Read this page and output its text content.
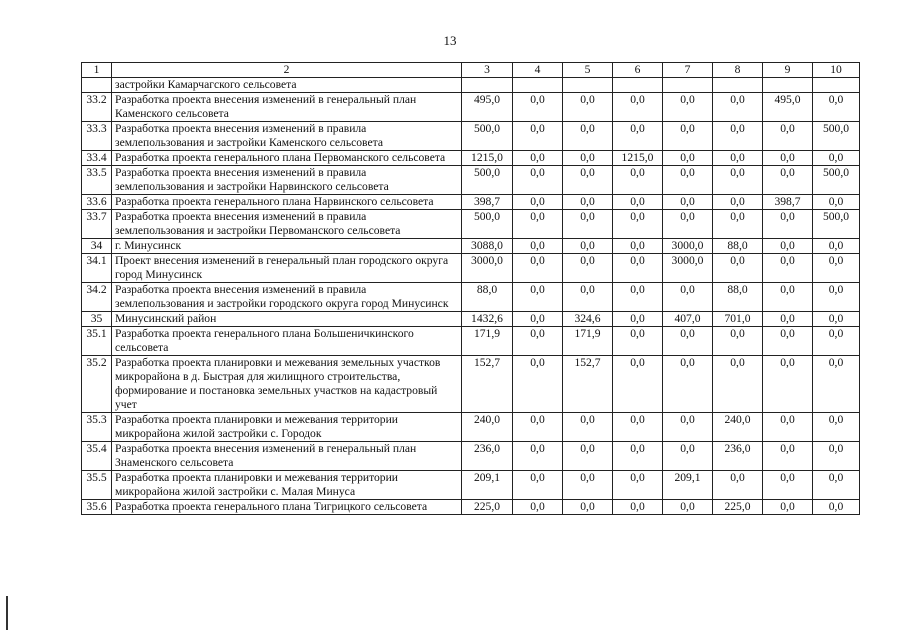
13
1	2	3	4	5	6	7	8	9	10
	застройки Камарчагского сельсовета								
33.2	Разработка проекта внесения изменений в генеральный план Каменского сельсовета	495,0	0,0	0,0	0,0	0,0	0,0	495,0	0,0
33.3	Разработка проекта внесения изменений в правила землепользования и застройки Каменского сельсовета	500,0	0,0	0,0	0,0	0,0	0,0	0,0	500,0
33.4	Разработка проекта генерального плана Первоманского сельсовета	1215,0	0,0	0,0	1215,0	0,0	0,0	0,0	0,0
33.5	Разработка проекта внесения изменений в правила землепользования и застройки Нарвинского сельсовета	500,0	0,0	0,0	0,0	0,0	0,0	0,0	500,0
33.6	Разработка проекта генерального плана Нарвинского сельсовета	398,7	0,0	0,0	0,0	0,0	0,0	398,7	0,0
33.7	Разработка проекта внесения изменений в правила землепользования и застройки Первоманского сельсовета	500,0	0,0	0,0	0,0	0,0	0,0	0,0	500,0
34	г. Минусинск	3088,0	0,0	0,0	0,0	3000,0	88,0	0,0	0,0
34.1	Проект внесения изменений в генеральный план городского округа город Минусинск	3000,0	0,0	0,0	0,0	3000,0	0,0	0,0	0,0
34.2	Разработка проекта внесения изменений в правила землепользования и застройки городского округа город Минусинск	88,0	0,0	0,0	0,0	0,0	88,0	0,0	0,0
35	Минусинский район	1432,6	0,0	324,6	0,0	407,0	701,0	0,0	0,0
35.1	Разработка проекта генерального плана Большеничкинского сельсовета	171,9	0,0	171,9	0,0	0,0	0,0	0,0	0,0
35.2	Разработка проекта планировки и межевания земельных участков микрорайона в д. Быстрая для жилищного строительства, формирование и постановка земельных участков на кадастровый учет	152,7	0,0	152,7	0,0	0,0	0,0	0,0	0,0
35.3	Разработка проекта планировки и межевания территории микрорайона жилой застройки с. Городок	240,0	0,0	0,0	0,0	0,0	240,0	0,0	0,0
35.4	Разработка проекта внесения изменений в генеральный план Знаменского сельсовета	236,0	0,0	0,0	0,0	0,0	236,0	0,0	0,0
35.5	Разработка проекта планировки и межевания территории микрорайона жилой застройки с. Малая Минуса	209,1	0,0	0,0	0,0	209,1	0,0	0,0	0,0
35.6	Разработка проекта генерального плана Тигрицкого сельсовета	225,0	0,0	0,0	0,0	0,0	225,0	0,0	0,0
